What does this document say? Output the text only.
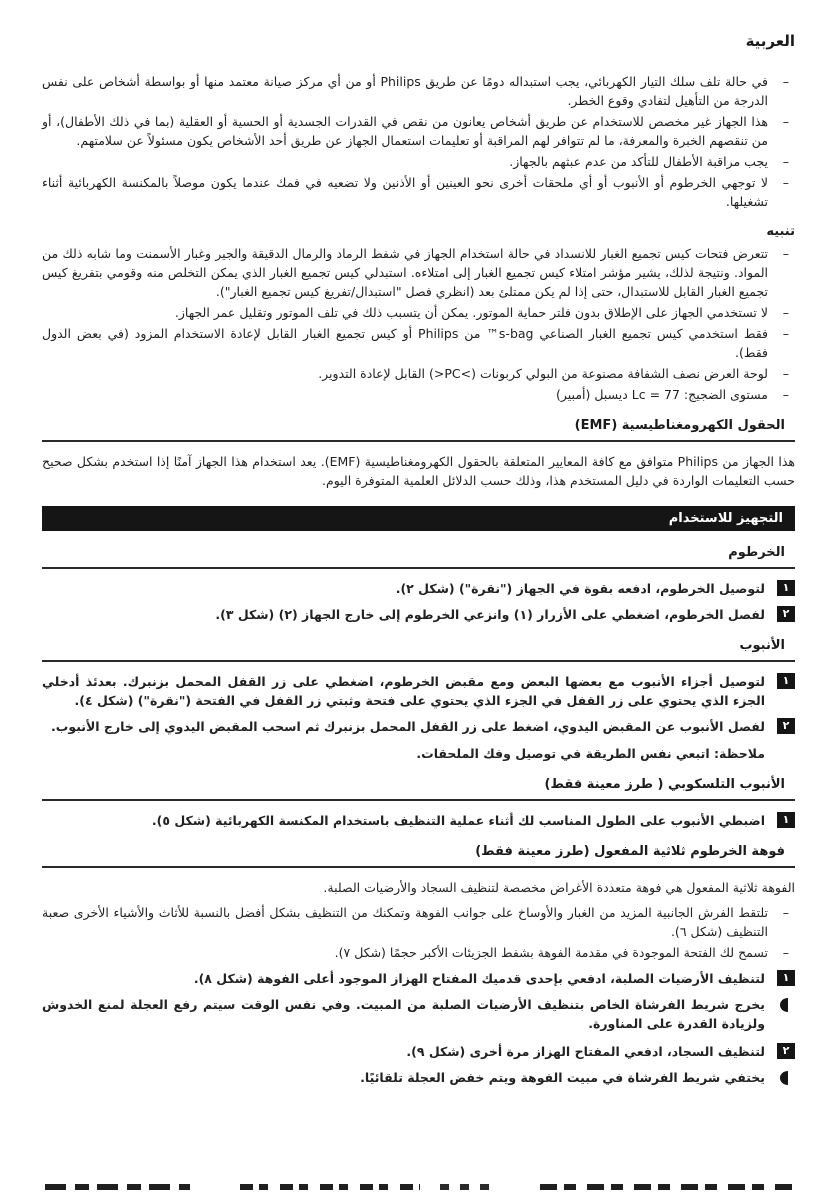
العربية
–
في حالة تلف سلك التيار الكهربائي، يجب استبداله دومًا عن طريق Philips أو من أي مركز صيانة معتمد منها أو بواسطة أشخاص على نفس الدرجة من التأهيل لتفادي وقوع الخطر.
–
هذا الجهاز غير مخصص للاستخدام عن طريق أشخاص يعانون من نقص في القدرات الجسدية أو الحسية أو العقلية (بما في ذلك الأطفال)، أو من تنقصهم الخبرة والمعرفة، ما لم تتوافر لهم المراقبة أو تعليمات استعمال الجهاز عن طريق أحد الأشخاص يكون مسئولاً عن سلامتهم.
–
يجب مراقبة الأطفال للتأكد من عدم عبثهم بالجهاز.
–
لا توجهي الخرطوم أو الأنبوب أو أي ملحقات أخرى نحو العينين أو الأذنين ولا تضعيه في فمك عندما يكون موصلاً بالمكنسة الكهربائية أثناء تشغيلها.
تنبيه
–
تتعرض فتحات كيس تجميع الغبار للانسداد في حالة استخدام الجهاز في شفط الرماد والرمال الدقيقة والجير وغبار الأسمنت وما شابه ذلك من المواد. ونتيجة لذلك، يشير مؤشر امتلاء كيس تجميع الغبار إلى امتلاءه. استبدلي كيس تجميع الغبار الذي يمكن التخلص منه وقومي بتفريغ كيس تجميع الغبار القابل للاستبدال، حتى إذا لم يكن ممتلئ بعد (انظري فصل "استبدال/تفريغ كيس تجميع الغبار").
–
لا تستخدمي الجهاز على الإطلاق بدون فلتر حماية الموتور. يمكن أن يتسبب ذلك في تلف الموتور وتقليل عمر الجهاز.
–
فقط استخدمي كيس تجميع الغبار الصناعي s-bag™ من Philips أو كيس تجميع الغبار القابل لإعادة الاستخدام المزود (في بعض الدول فقط).
–
لوحة العرض نصف الشفافة مصنوعة من البولي كربونات (>PC<) القابل لإعادة التدوير.
–
مستوى الضجيج: Lc = 77 ديسبل (أمبير)
الحقول الكهرومغناطيسية (EMF)

هذا الجهاز من Philips متوافق مع كافة المعايير المتعلقة بالحقول الكهرومغناطيسية (EMF). يعد استخدام هذا الجهاز آمنًا إذا استخدم بشكل صحيح حسب التعليمات الواردة في دليل المستخدم هذا، وذلك حسب الدلائل العلمية المتوفرة اليوم.

التجهيز للاستخدام
الخرطوم
١
لتوصيل الخرطوم، ادفعه بقوة في الجهاز ("نقرة") (شكل ٢).
٢
لفصل الخرطوم، اضغطي على الأزرار (١) وانزعي الخرطوم إلى خارج الجهاز (٢) (شكل ٣).
الأنبوب
١
لتوصيل أجزاء الأنبوب مع بعضها البعض ومع مقبض الخرطوم، اضغطي على زر القفل المحمل بزنبرك. بعدئذ أدخلي الجزء الذي يحتوي على زر القفل في الجزء الذي يحتوي على فتحة وثبتي زر القفل في الفتحة ("نقرة") (شكل ٤).
٢
لفصل الأنبوب عن المقبض اليدوي، اضغط على زر القفل المحمل بزنبرك ثم اسحب المقبض اليدوي إلى خارج الأنبوب.
ملاحظة: اتبعي نفس الطريقة في توصيل وفك الملحقات.
الأنبوب التلسكوبي ( طرز معينة فقط)
١
اضبطي الأنبوب على الطول المناسب لك أثناء عملية التنظيف باستخدام المكنسة الكهربائية (شكل ٥).
فوهة الخرطوم ثلاثية المفعول (طرز معينة فقط)

الفوهة ثلاثية المفعول هي فوهة متعددة الأغراض مخصصة لتنظيف السجاد والأرضيات الصلبة.

–
تلتقط الفرش الجانبية المزيد من الغبار والأوساخ على جوانب الفوهة وتمكنك من التنظيف بشكل أفضل بالنسبة للأثاث والأشياء الأخرى صعبة التنظيف (شكل ٦).
–
تسمح لك الفتحة الموجودة في مقدمة الفوهة بشفط الجزيئات الأكبر حجمًا (شكل ٧).
١
لتنظيف الأرضيات الصلبة، ادفعي بإحدى قدميك المفتاح الهزاز الموجود أعلى الفوهة (شكل ٨).
يخرج شريط الفرشاة الخاص بتنظيف الأرضيات الصلبة من المبيت. وفي نفس الوقت سيتم رفع العجلة لمنع الخدوش ولزيادة القدرة على المناورة.
٢
لتنظيف السجاد، ادفعي المفتاح الهزاز مرة أخرى (شكل ٩).
يختفي شريط الفرشاة في مبيت الفوهة ويتم خفض العجلة تلقائيًا.
